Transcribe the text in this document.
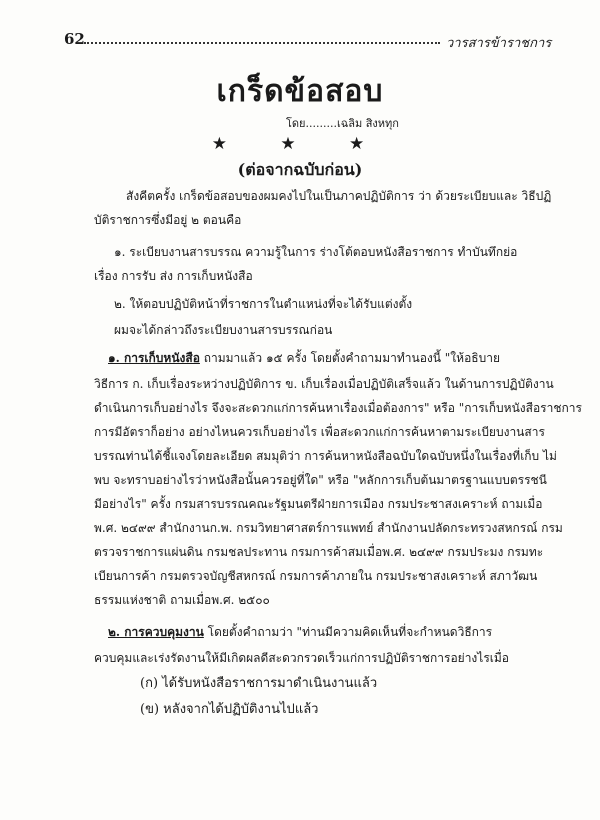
62	วารสารข้าราชการ
เกร็ดข้อสอบ
โดย.........เฉลิม สิงหทุก
★ ★ ★
(ต่อจากฉบับก่อน)
สังคีตครั้ง เกร็ดข้อสอบของผมคงไปในเป็นภาคปฏิบัติการ ว่า ด้วยระเบียบและ วิธีปฏิ
บัติราชการซึ่งมีอยู่ ๒ ตอนคือ
๑. ระเบียบงานสารบรรณ ความรู้ในการ ร่างโต้ตอบหนังสือราชการ ทำบันทึกย่อ
เรื่อง การรับ ส่ง การเก็บหนังสือ
๒. ให้ตอบปฏิบัติหน้าที่ราชการในตำแหน่งที่จะได้รับแต่งตั้ง
ผมจะได้กล่าวถึงระเบียบงานสารบรรณก่อน
๑. การเก็บหนังสือ ถามมาแล้ว ๑๕ ครั้ง โดยตั้งคำถามมาทำนองนี้ "ให้อธิบาย
วิธีการ ก. เก็บเรื่องระหว่างปฏิบัติการ ข. เก็บเรื่องเมื่อปฏิบัติเสร็จแล้ว ในด้านการปฏิบัติงาน
ดำเนินการเก็บอย่างไร จึงจะสะดวกแก่การค้นหาเรื่องเมื่อต้องการ" หรือ "การเก็บหนังสือราชการ
การมีอัตราก็อย่าง อย่างไหนควรเก็บอย่างไร เพื่อสะดวกแก่การค้นหาตามระเบียบงานสาร
บรรณท่านได้ชี้แจงโดยละเอียด สมมุติว่า การค้นหาหนังสือฉบับใดฉบับหนึ่งในเรื่องที่เก็บ ไม่
พบ จะทราบอย่างไรว่าหนังสือนั้นควรอยู่ที่ใด" หรือ "หลักการเก็บต้นมาตรฐานแบบตรรชนี
มีอย่างไร" ครั้ง กรมสารบรรณคณะรัฐมนตรีฝ่ายการเมือง กรมประชาสงเคราะห์ ถามเมื่อ
พ.ศ. ๒๔๙๙ สำนักงานก.พ. กรมวิทยาศาสตร์การแพทย์ สำนักงานปลัดกระทรวงสหกรณ์ กรม
ตรวจราชการแผ่นดิน กรมชลประทาน กรมการค้าสมเมื่อพ.ศ. ๒๔๙๙ กรมประมง กรมทะ
เบียนการค้า กรมตรวจบัญชีสหกรณ์ กรมการค้าภายใน กรมประชาสงเคราะห์ สภาวัฒน
ธรรมแห่งชาติ ถามเมื่อพ.ศ. ๒๕๐๐
๒. การควบคุมงาน โดยตั้งคำถามว่า "ท่านมีความคิดเห็นที่จะกำหนดวิธีการ
ควบคุมและเร่งรัดงานให้มีเกิดผลดีสะดวกรวดเร็วแก่การปฏิบัติราชการอย่างไรเมื่อ
(ก) ได้รับหนังสือราชการมาดำเนินงานแล้ว
(ข) หลังจากได้ปฏิบัติงานไปแล้ว
